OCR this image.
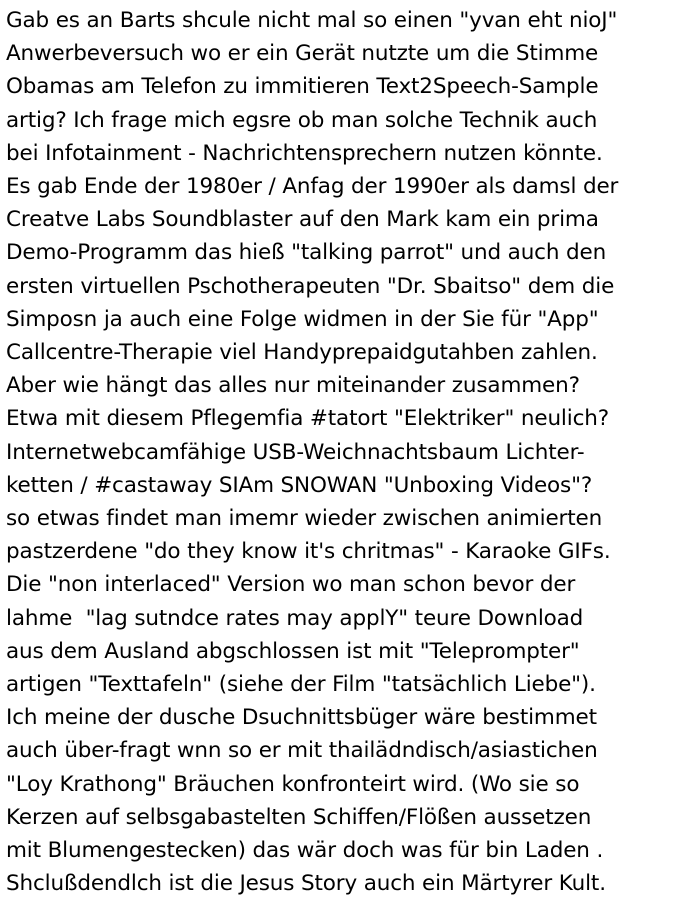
Gab es an Barts shcule nicht mal so einen "yvan eht nioJ"
Anwerbeversuch wo er ein Gerät nutzte um die Stimme
Obamas am Telefon zu immitieren Text2Speech-Sample
artig? Ich frage mich egsre ob man solche Technik auch
bei Infotainment - Nachrichtensprechern nutzen könnte.
Es gab Ende der 1980er / Anfag der 1990er als damsl der
Creatve Labs Soundblaster auf den Mark kam ein prima
Demo-Programm das hieß "talking parrot" und auch den
ersten virtuellen Pschotherapeuten "Dr. Sbaitso" dem die
Simposn ja auch eine Folge widmen in der Sie für "App"
Callcentre-Therapie viel Handyprepaidgutahben zahlen.
Aber wie hängt das alles nur miteinander zusammen?
Etwa mit diesem Pflegemfia #tatort "Elektriker" neulich?
Internetwebcamfähige USB-Weichnachtsbaum Lichter-
ketten / #castaway SIAm SNOWAN "Unboxing Videos"?
so etwas findet man imemr wieder zwischen animierten
pastzerdene "do they know it's chritmas" - Karaoke GIFs.
Die "non interlaced" Version wo man schon bevor der
lahme  "lag sutndce rates may applY" teure Download
aus dem Ausland abgschlossen ist mit "Teleprompter"
artigen "Texttafeln" (siehe der Film "tatsächlich Liebe").
Ich meine der dusche Dsuchnittsbüger wäre bestimmet
auch über-fragt wnn so er mit thailädndisch/asiastichen
"Loy Krathong" Bräuchen konfronteirt wird. (Wo sie so
Kerzen auf selbsgabastelten Schiffen/Flößen aussetzen
mit Blumengestecken) das wär doch was für bin Laden .
Shclußdendlch ist die Jesus Story auch ein Märtyrer Kult.
